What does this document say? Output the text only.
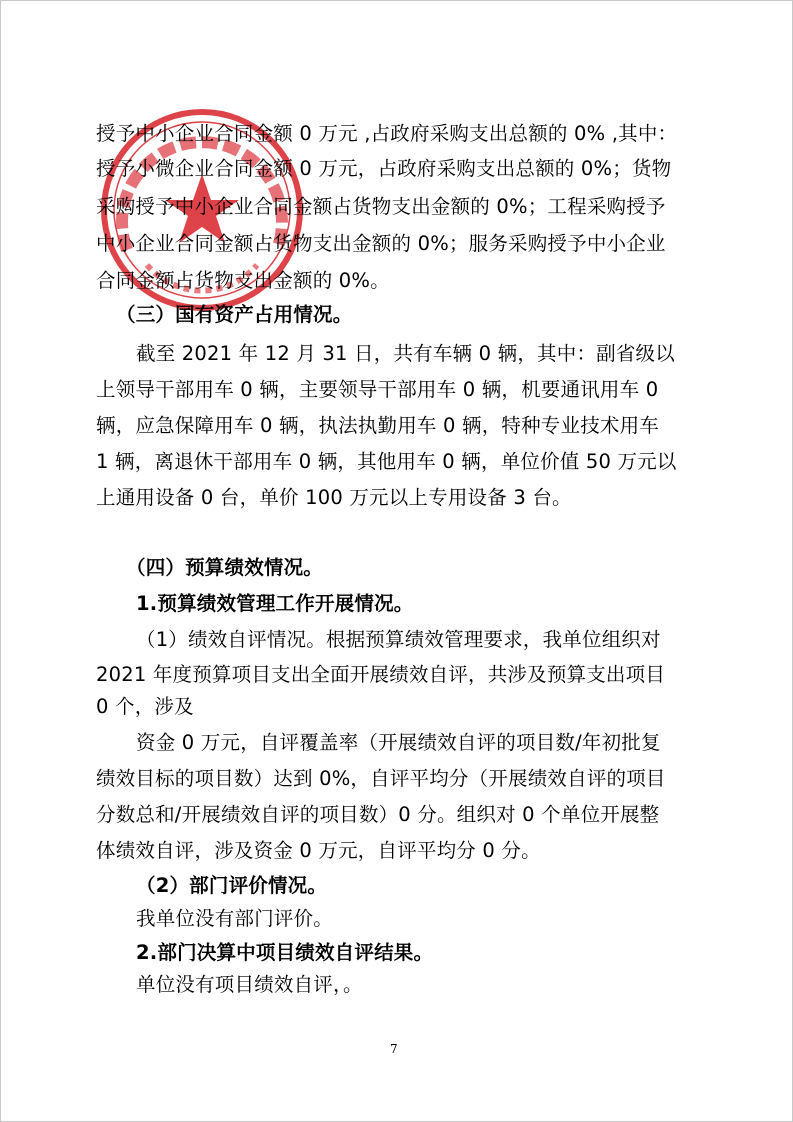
授予中小企业合同金额 0 万元 ,占政府采购支出总额的 0% ,其中：
授予小微企业合同金额 0 万元，占政府采购支出总额的 0%；货物
采购授予中小企业合同金额占货物支出金额的 0%；工程采购授予
中小企业合同金额占货物支出金额的 0%；服务采购授予中小企业
合同金额占货物支出金额的 0%。
（三）国有资产占用情况。
截至 2021 年 12 月 31 日，共有车辆 0 辆，其中：副省级以
上领导干部用车 0 辆，主要领导干部用车 0 辆，机要通讯用车 0
辆，应急保障用车 0 辆，执法执勤用车 0 辆，特种专业技术用车
1 辆，离退休干部用车 0 辆，其他用车 0 辆，单位价值 50 万元以
上通用设备 0 台，单价 100 万元以上专用设备 3 台。
（四）预算绩效情况。
1.预算绩效管理工作开展情况。
（1）绩效自评情况。根据预算绩效管理要求，我单位组织对
2021 年度预算项目支出全面开展绩效自评，共涉及预算支出项目
0 个，涉及
资金 0 万元，自评覆盖率（开展绩效自评的项目数/年初批复
绩效目标的项目数）达到 0%，自评平均分（开展绩效自评的项目
分数总和/开展绩效自评的项目数）0 分。组织对 0 个单位开展整
体绩效自评，涉及资金 0 万元，自评平均分 0 分。
（2）部门评价情况。
我单位没有部门评价。
2.部门决算中项目绩效自评结果。
单位没有项目绩效自评，。
7
